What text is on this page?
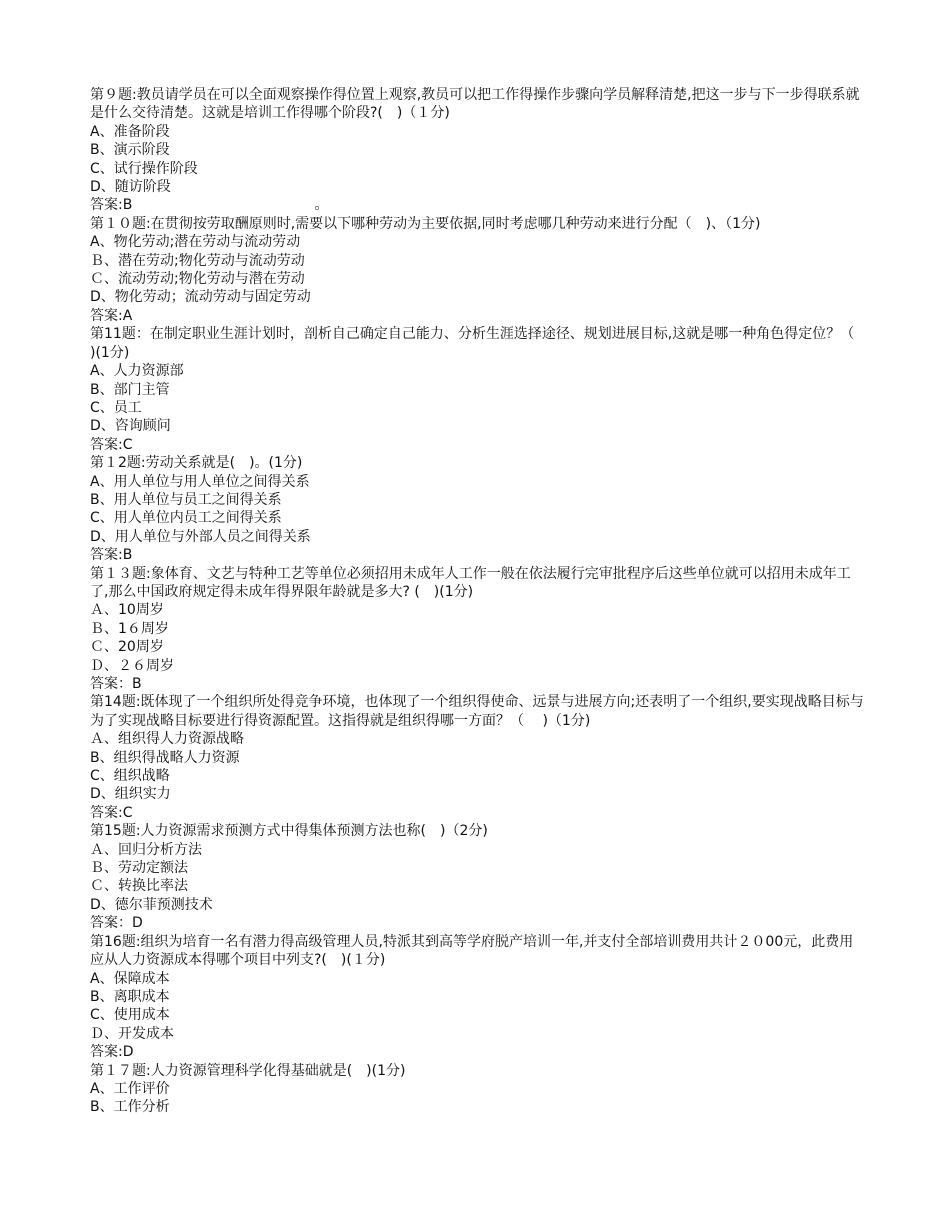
第９题:教员请学员在可以全面观察操作得位置上观察,教员可以把工作得操作步骤向学员解释清楚,把这一步与下一步得联系就是什么交待清楚。这就是培训工作得哪个阶段?(　)（１分)
A、准备阶段
B、演示阶段
C、试行操作阶段
D、随访阶段
答案:B　　　　　　　　　　　　　。
第１０题:在贯彻按劳取酬原则时,需要以下哪种劳动为主要依据,同时考虑哪几种劳动来进行分配（　)、（1分)
A、物化劳动;潜在劳动与流动劳动
Ｂ、潜在劳动;物化劳动与流动劳动
Ｃ、流动劳动;物化劳动与潜在劳动
D、物化劳动；流动劳动与固定劳动
答案:A
第11题：在制定职业生涯计划时，剖析自己确定自己能力、分析生涯选择途径、规划进展目标,这就是哪一种角色得定位？（　 )(1分)
A、人力资源部
B、部门主管
C、员工
D、咨询顾问
答案:C
第１2题:劳动关系就是(　)。(1分)
A、用人单位与用人单位之间得关系
B、用人单位与员工之间得关系
C、用人单位内员工之间得关系
D、用人单位与外部人员之间得关系
答案:B
第１３题:象体育、文艺与特种工艺等单位必须招用未成年人工作一般在依法履行完审批程序后这些单位就可以招用未成年工了,那么中国政府规定得未成年得界限年龄就是多大? (　)(1分)
Ａ、10周岁
Ｂ、1６周岁
Ｃ、20周岁
Ｄ、２６周岁
答案：B
第14题:既体现了一个组织所处得竞争环境，也体现了一个组织得使命、远景与进展方向;还表明了一个组织,要实现战略目标与为了实现战略目标要进行得资源配置。这指得就是组织得哪一方面？（　 )（1分)
Ａ、组织得人力资源战略
B、组织得战略人力资源
C、组织战略
D、组织实力
答案:C
第15题:人力资源需求预测方式中得集体预测方法也称(　)（2分)
Ａ、回归分析方法
Ｂ、劳动定额法
Ｃ、转换比率法
D、德尔菲预测技术
答案：D
第16题:组织为培育一名有潜力得高级管理人员,特派其到高等学府脱产培训一年,并支付全部培训费用共计２０00元，此费用应从人力资源成本得哪个项目中列支?(　)(１分)
A、保障成本
B、离职成本
C、使用成本
Ｄ、开发成本
答案:D
第１７题:人力资源管理科学化得基础就是(　)(1分)
A、工作评价
B、工作分析
